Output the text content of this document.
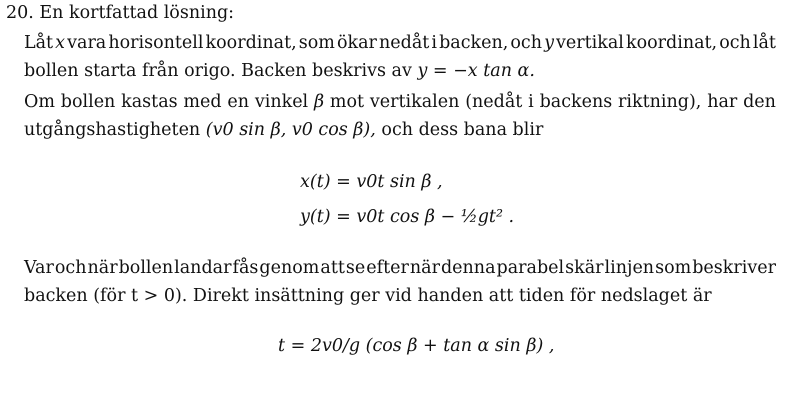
20. En kortfattad lösning:
Låt x vara horisontell koordinat, som ökar nedåt i backen, och y vertikal koordinat, och låt
bollen starta från origo. Backen beskrivs av y = −x tan α.
Om bollen kastas med en vinkel β mot vertikalen (nedåt i backens riktning), har den
utgångshastigheten (v0 sin β, v0 cos β), och dess bana blir
x(t) = v0t sin β ,
y(t) = v0t cos β − ½gt² .
Var och när bollen landar fås genom att se efter när denna parabel skär linjen som beskriver
backen (för t > 0). Direkt insättning ger vid handen att tiden för nedslaget är
t = 2v0/g (cos β + tan α sin β) ,
